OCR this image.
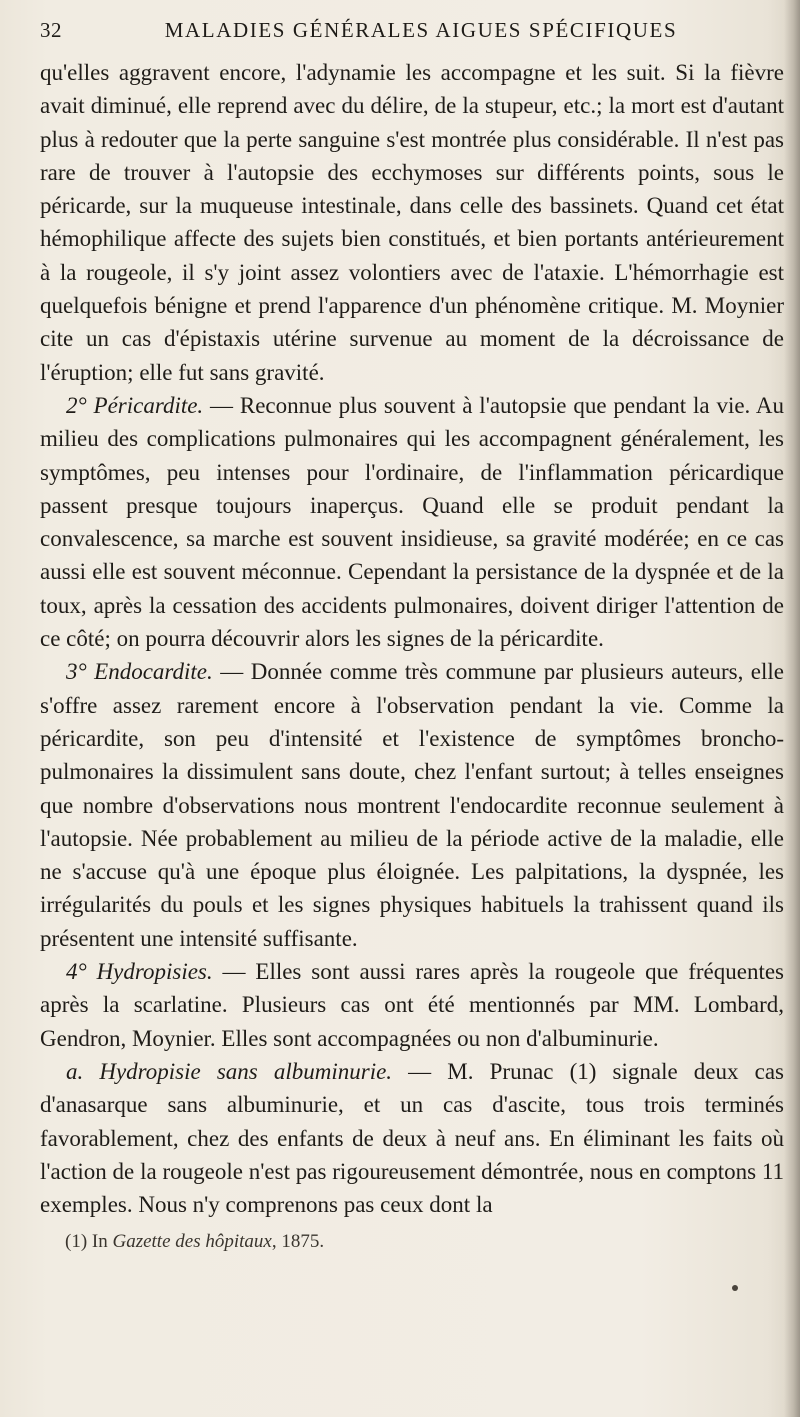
32	MALADIES GÉNÉRALES AIGUES SPÉCIFIQUES

qu'elles aggravent encore, l'adynamie les accompagne et les suit. Si la fièvre avait diminué, elle reprend avec du délire, de la stupeur, etc.; la mort est d'autant plus à redouter que la perte sanguine s'est montrée plus considérable. Il n'est pas rare de trouver à l'autopsie des ecchymoses sur différents points, sous le péricarde, sur la muqueuse intestinale, dans celle des bassinets. Quand cet état hémophilique affecte des sujets bien constitués, et bien portants antérieurement à la rougeole, il s'y joint assez volontiers avec de l'ataxie. L'hémorrhagie est quelquefois bénigne et prend l'apparence d'un phénomène critique. M. Moynier cite un cas d'épistaxis utérine survenue au moment de la décroissance de l'éruption; elle fut sans gravité.

2° Péricardite. — Reconnue plus souvent à l'autopsie que pendant la vie. Au milieu des complications pulmonaires qui les accompagnent généralement, les symptômes, peu intenses pour l'ordinaire, de l'inflammation péricardique passent presque toujours inaperçus. Quand elle se produit pendant la convalescence, sa marche est souvent insidieuse, sa gravité modérée; en ce cas aussi elle est souvent méconnue. Cependant la persistance de la dyspnée et de la toux, après la cessation des accidents pulmonaires, doivent diriger l'attention de ce côté; on pourra découvrir alors les signes de la péricardite.

3° Endocardite. — Donnée comme très commune par plusieurs auteurs, elle s'offre assez rarement encore à l'observation pendant la vie. Comme la péricardite, son peu d'intensité et l'existence de symptômes broncho-pulmonaires la dissimulent sans doute, chez l'enfant surtout; à telles enseignes que nombre d'observations nous montrent l'endocardite reconnue seulement à l'autopsie. Née probablement au milieu de la période active de la maladie, elle ne s'accuse qu'à une époque plus éloignée. Les palpitations, la dyspnée, les irrégularités du pouls et les signes physiques habituels la trahissent quand ils présentent une intensité suffisante.

4° Hydropisies. — Elles sont aussi rares après la rougeole que fréquentes après la scarlatine. Plusieurs cas ont été mentionnés par MM. Lombard, Gendron, Moynier. Elles sont accompagnées ou non d'albuminurie.

a. Hydropisie sans albuminurie. — M. Prunac (1) signale deux cas d'anasarque sans albuminurie, et un cas d'ascite, tous trois terminés favorablement, chez des enfants de deux à neuf ans. En éliminant les faits où l'action de la rougeole n'est pas rigoureusement démontrée, nous en comptons 11 exemples. Nous n'y comprenons pas ceux dont la

(1) In Gazette des hôpitaux, 1875.
